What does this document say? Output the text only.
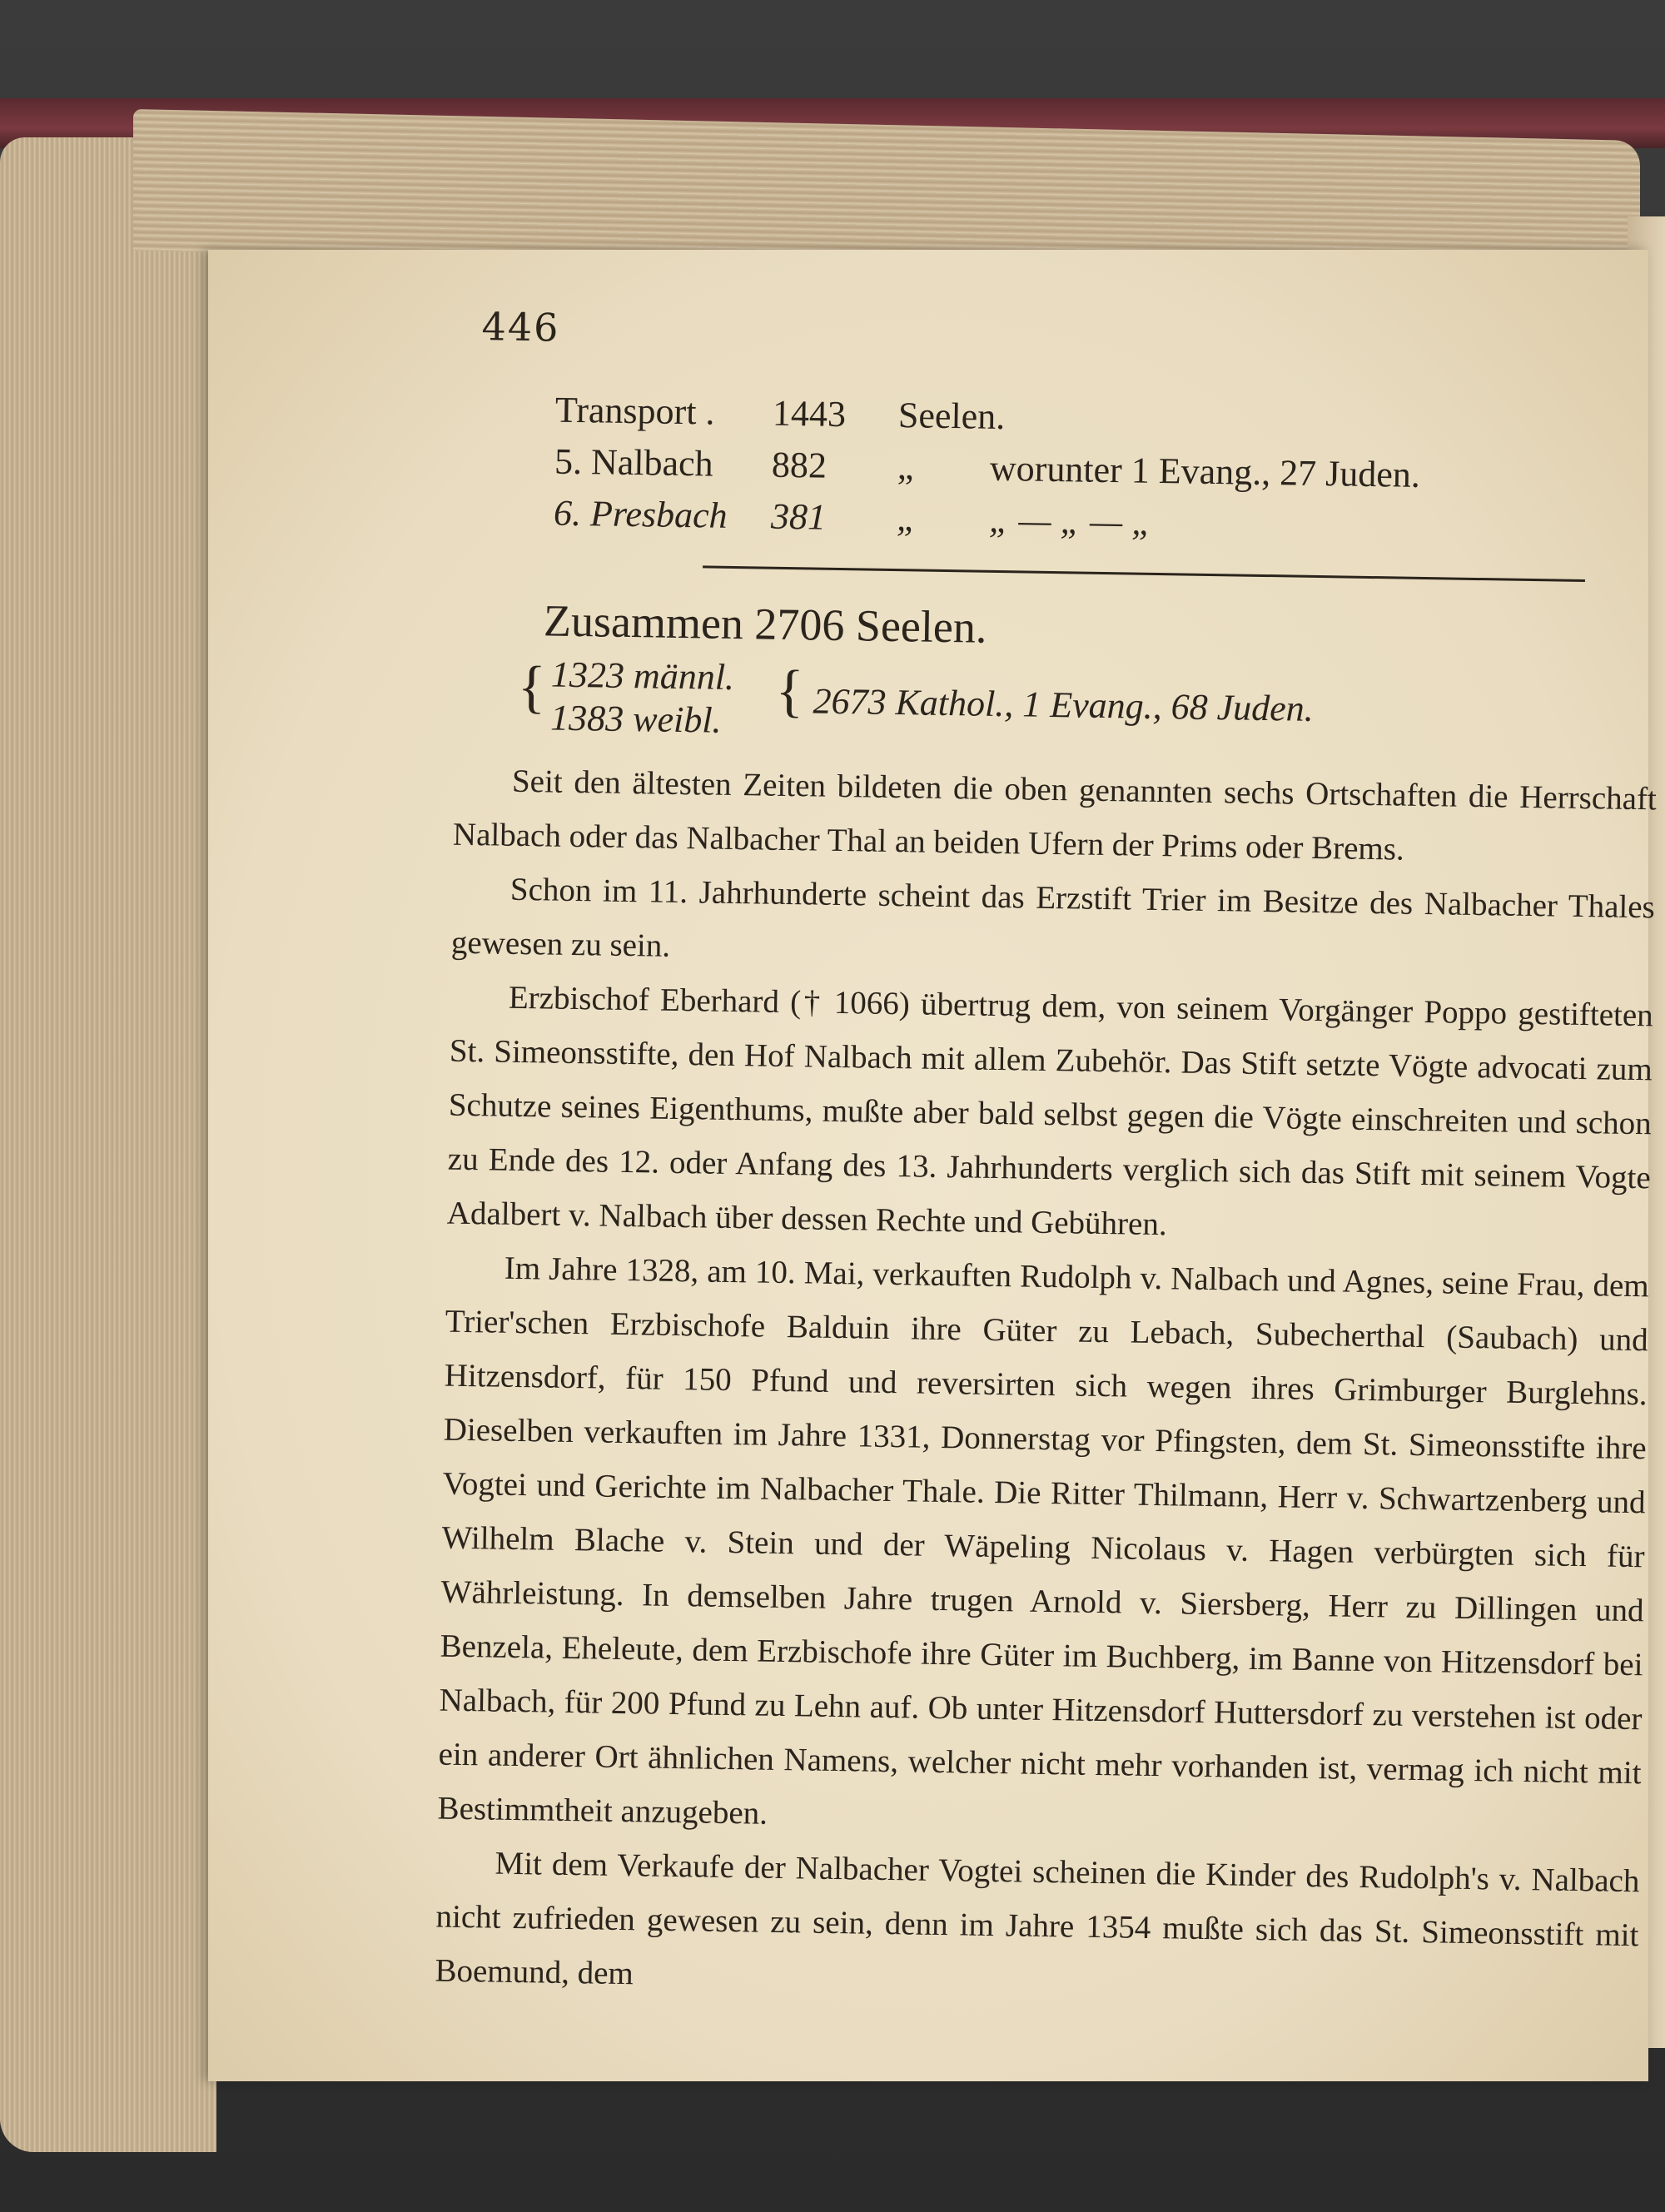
446
Transport . 1443 Seelen.
5. Nalbach 882 „ worunter 1 Evang., 27 Juden.
6. Presbach 381 „ „ — „ — „
Zusammen 2706 Seelen.
{ 1323 männl.
1383 weibl. { 2673 Kathol., 1 Evang., 68 Juden.

Seit den ältesten Zeiten bildeten die oben genannten sechs Ortschaften die Herrschaft Nalbach oder das Nalbacher Thal an beiden Ufern der Prims oder Brems.

Schon im 11. Jahrhunderte scheint das Erzstift Trier im Besitze des Nalbacher Thales gewesen zu sein.

Erzbischof Eberhard († 1066) übertrug dem, von seinem Vorgänger Poppo gestifteten St. Simeonsstifte, den Hof Nalbach mit allem Zubehör. Das Stift setzte Vögte advocati zum Schutze seines Eigenthums, mußte aber bald selbst gegen die Vögte einschreiten und schon zu Ende des 12. oder Anfang des 13. Jahrhunderts verglich sich das Stift mit seinem Vogte Adalbert v. Nalbach über dessen Rechte und Gebühren.

Im Jahre 1328, am 10. Mai, verkauften Rudolph v. Nalbach und Agnes, seine Frau, dem Trier'schen Erzbischofe Balduin ihre Güter zu Lebach, Subecherthal (Saubach) und Hitzensdorf, für 150 Pfund und reversirten sich wegen ihres Grimburger Burglehns. Dieselben verkauften im Jahre 1331, Donnerstag vor Pfingsten, dem St. Simeonsstifte ihre Vogtei und Gerichte im Nalbacher Thale. Die Ritter Thilmann, Herr v. Schwartzenberg und Wilhelm Blache v. Stein und der Wäpeling Nicolaus v. Hagen verbürgten sich für Währleistung. In demselben Jahre trugen Arnold v. Siersberg, Herr zu Dillingen und Benzela, Eheleute, dem Erzbischofe ihre Güter im Buchberg, im Banne von Hitzensdorf bei Nalbach, für 200 Pfund zu Lehn auf. Ob unter Hitzensdorf Huttersdorf zu verstehen ist oder ein anderer Ort ähnlichen Namens, welcher nicht mehr vorhanden ist, vermag ich nicht mit Bestimmtheit anzugeben.

Mit dem Verkaufe der Nalbacher Vogtei scheinen die Kinder des Rudolph's v. Nalbach nicht zufrieden gewesen zu sein, denn im Jahre 1354 mußte sich das St. Simeonsstift mit Boemund, dem
